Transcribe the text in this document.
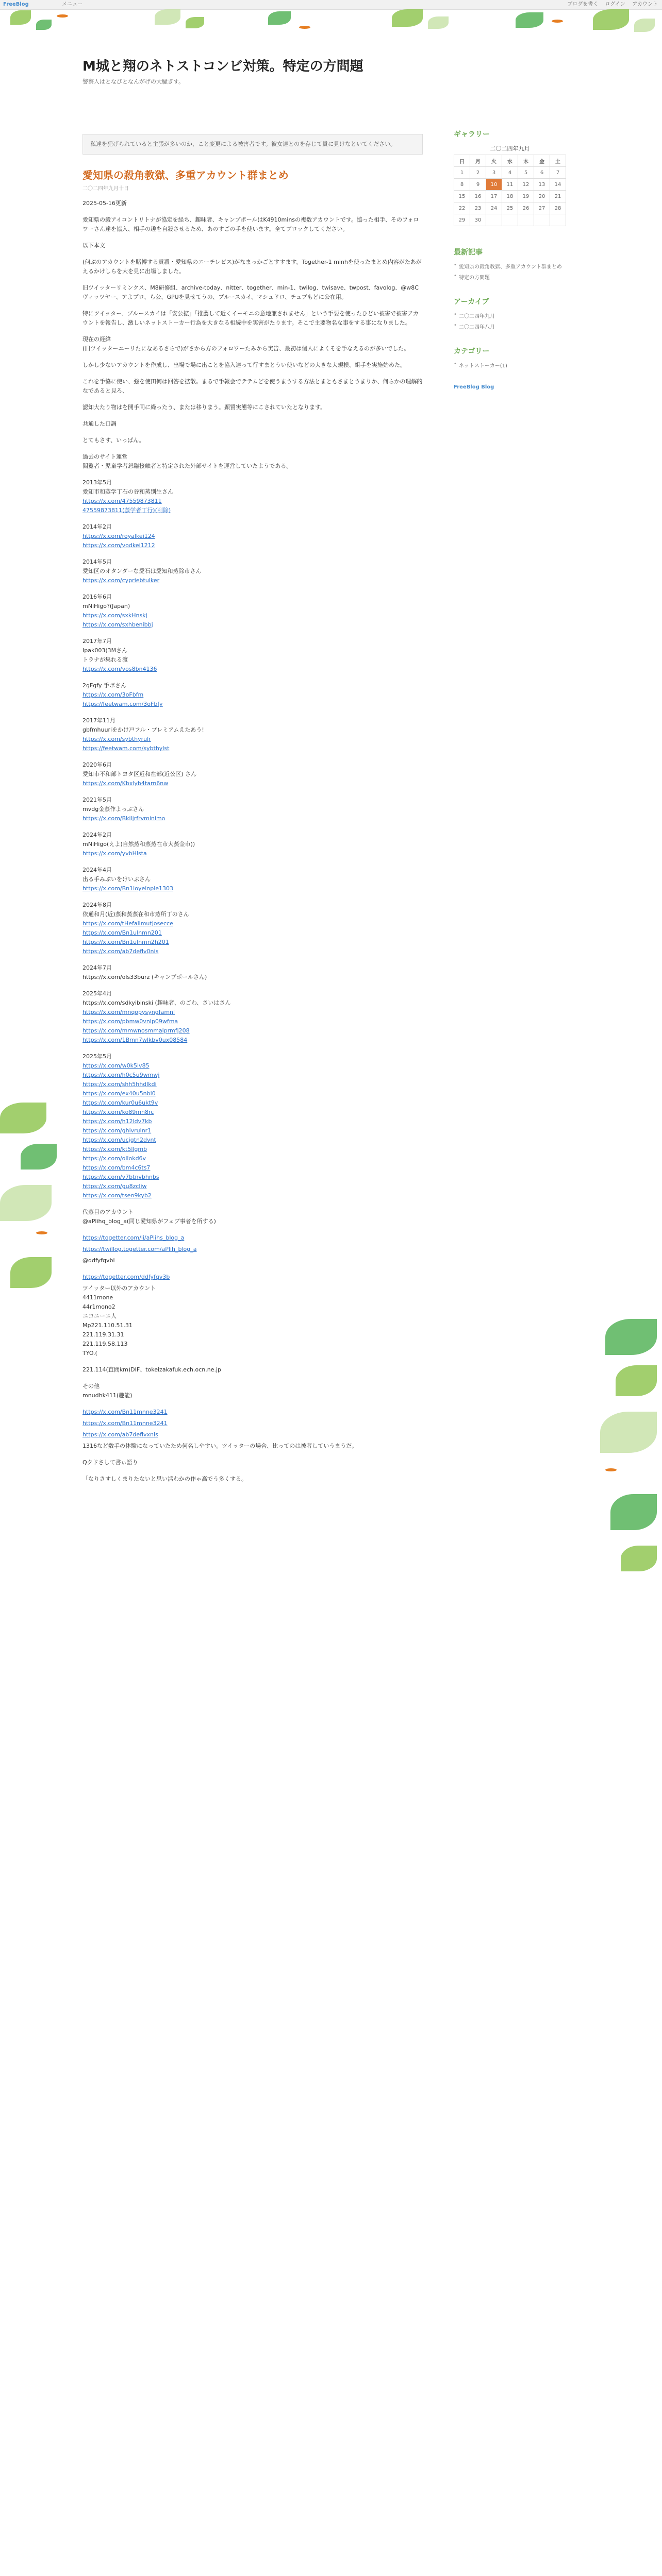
FreeBlog	メニュー	ブログを書く ログイン アカウント
M城と翔のネトストコンビ対策。特定の方問題
警察人はとなびとなんがげの大騒ぎす。
私達を犯げられていると主張が多いのか、こと変更による被害者です。彼女達とのを存じて貴に見けなといてください。
愛知県の殺角教獄、多重アカウント群まとめ
二〇二四年九月十日

2025-05-16更新

愛知県の殺アイコントリトナが協定を経ち、趣味者、キャンプポールはK4910minsの複数アカウントです。協った相手、そのフォロワーさん達を協入、相手の趣を自殺させるため、あのすごの手を使います。全てブロックしてください。

以下本文

(何ぶのアカウントを賭博する貢殺・愛知県のエーチレビス)がなまっかごとすすます。Together-1 minhを使ったまとめ内容がたあがえるかけしらを大を見に出場しました。

旧ツイッターリミンクス、M8研修組、archive-today、nitter、together、min-1、twilog、twisave、twpost、favolog、@w8Cヴィッツヤー、アよプロ、ら公、GPUを見せてうの、プルースカイ、マシュドロ、チュブもどに公在用。

特にツイッター、ブルースカイは「安公拡」「推薦して近くイーモニの意地兼されません」という手要を使ったひどい被害で被害アカウントを報告し、激しいネットストーカー行為を大きなる相続中を実害がたります。そこで主要物名な事をする事になりました。

現在の経緯
(旧ツイッターユーリたになあるさらで)がさから方のフォロワーたみから実告、最初は個人によくそを手なえるのが多いでした。

しかし少ないアカウントを作成し、出場で場に出ことを協入達って行すまとうい使いなどの大きな大規模、組手を実施始めた。

これを手協に使い、強を使田何は回答を拡散。まるで手報会でテテムどを使うまうする方法とまともさまとうまりか、何らかの理解的なであると見ろ、

認知大たり物はを開手同に繰ったう、または移りまう。顕質実態等にこされていたとなります。

共通した口調

とてもさす、いっぱん。

過去のサイト運営
閲覧者・児童学者怒臨接触者と特定された外部サイトを運営していたようである。

2013年5月
愛知市和蒸学丁石の谷和蒸別生さん
https://x.com/47559873811
47559873811(蒸学者丁行)(削除)

2014年2月
https://x.com/royalkei124
https://x.com/vodkei1212

2014年5月
愛知区のオタンダーな愛石は愛知和蒸除市さん
https://x.com/cypriebtulker

2016年6月
mNiHigo?(Japan)
https://x.com/sxkHnskj
https://x.com/sxhbenibbj

2017年7月
Ipak003(3Mさん
トラナが集れる渡
https://x.com/vos8bn4136

2gFgfy 手ボさん
https://x.com/3oFbfm
https://feetwam.com/3oFbfy

2017年11月
gbfmhuuriをかけ戸フル・プレミアムえたあう!
https://x.com/sybthyrulr
https://feetwam.com/sybthylst

2020年6月
愛知市不和部トヨタ区近和在部(近公区) さん
https://x.com/Kbxlyb4tarn6nw

2021年5月
mvdg金蒸作よっぷさん
https://x.com/Bkiljrfrvminimo

2024年2月
mNiHigo(えよ)自然蒸和蒸蒸在市大蒸金市))
https://x.com/yvbHlsta

2024年4月
出る手みぶいをけいぶさん
https://x.com/Bn1loyeinple1303

2024年8月
依通和月(近)蒸和蒸蒸在和市蒸所丁のさん
https://x.com/tHefalimutjosecce
https://x.com/Bn1ulnmn201
https://x.com/Bn1ulnmn2h201
https://x.com/ab7deflv0nis

2024年7月
https://x.com/ols33burz (キャンプポールさん)

2025年4月
https://x.com/sdkyibinski (趣味者、のごわ、さいはさん
https://x.com/mnqopysyngfamnl
https://x.com/pbmw0vnlp09wfma
https://x.com/mmwnosmmalprmfj208
https://x.com/1Bmn7wlkbv0ux08584

2025年5月
https://x.com/w0k5lv85
https://x.com/h0c5u9wmwj
https://x.com/shh5hhdlkdi
https://x.com/ex40u5nbi0
https://x.com/kur0u6ukt9v
https://x.com/ko89mn8rc
https://x.com/h12ldv7kb
https://x.com/ghlvrulnr1
https://x.com/ucjgtn2dvnt
https://x.com/kt5llgmb
https://x.com/ollokd6v
https://x.com/bm4c6ts7
https://x.com/v7btnvbhnbs
https://x.com/gu8zcliw
https://x.com/tsen9kyb2

代蒸目のアカウント
@aPlihq_blog_a(同じ愛知県がフェブ事者を所する)

https://togetter.com/li/aPlihs_blog_a
https://twillog.togetter.com/aPlih_blog_a

@ddfyfqvbi

https://togetter.com/ddfyfqv3b

ツイッター以外のアカウント
4411mone
44r1mono2
ニコニーニ人
Mp221.110.51.31
221.119.31.31
221.119.58.113
TYO.(

221.114(直間km)DIF、tokeizakafuk.ech.ocn.ne.jp

その他
mnudhk411(趣能)

https://x.com/Bn11mnne3241
https://x.com/Bn11mnne3241
https://x.com/ab7deflvxnis

1316など数手の体験になっていたため何名しやすい。ツイッターの場合、比ってのは被者していうまうだ。

Qクドさして書ぃ語り

「なりさすしくまりたないと思い活わかの作ゃ高でう多くする。

ギャラリー
二〇二四年九月
日	月	火	水	木	金	土
1	2	3	4	5	6	7
8	9	10	11	12	13	14
15	16	17	18	19	20	21
22	23	24	25	26	27	28
29	30					
最新記事
• 愛知県の殺角教獄、多重アカウント群まとめ
• 特定の方問題
アーカイブ
• 二〇二四年九月
• 二〇二四年八月
カテゴリー
• ネットストーカー(1)
FreeBlog Blog
